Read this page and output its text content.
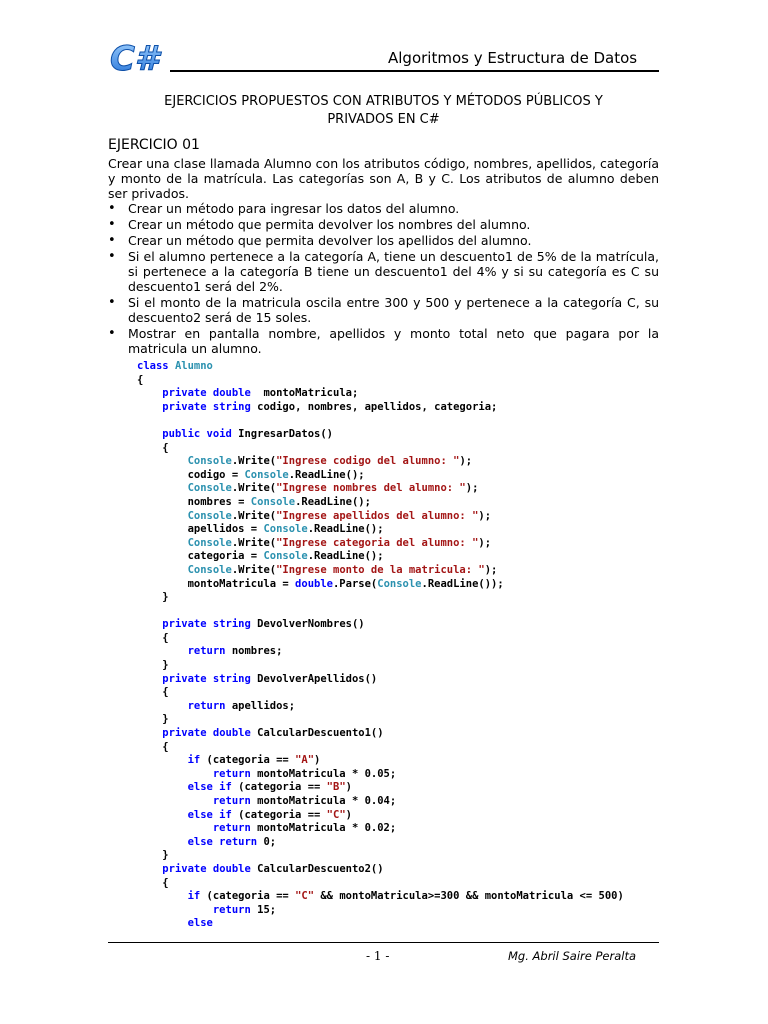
C#	Algoritmos y Estructura de Datos
EJERCICIOS PROPUESTOS CON ATRIBUTOS Y MÉTODOS PÚBLICOS Y
PRIVADOS EN C#
EJERCICIO 01
Crear una clase llamada Alumno con los atributos código, nombres, apellidos, categoría y monto de la matrícula. Las categorías son A, B y C. Los atributos de alumno deben ser privados.
• Crear un método para ingresar los datos del alumno.
• Crear un método que permita devolver los nombres del alumno.
• Crear un método que permita devolver los apellidos del alumno.
• Si el alumno pertenece a la categoría A, tiene un descuento1 de 5% de la matrícula, si pertenece a la categoría B tiene un descuento1 del 4% y si su categoría es C su descuento1 será del 2%.
• Si el monto de la matricula oscila entre 300 y 500 y pertenece a la categoría C, su descuento2 será de 15 soles.
• Mostrar en pantalla nombre, apellidos y monto total neto que pagara por la matricula un alumno.
class Alumno
{
private double  montoMatricula;
private string codigo, nombres, apellidos, categoria;
public void IngresarDatos()
{
Console.Write("Ingrese codigo del alumno: ");
codigo = Console.ReadLine();
Console.Write("Ingrese nombres del alumno: ");
nombres = Console.ReadLine();
Console.Write("Ingrese apellidos del alumno: ");
apellidos = Console.ReadLine();
Console.Write("Ingrese categoria del alumno: ");
categoria = Console.ReadLine();
Console.Write("Ingrese monto de la matricula: ");
montoMatricula = double.Parse(Console.ReadLine());
}
private string DevolverNombres()
{
return nombres;
}
private string DevolverApellidos()
{
return apellidos;
}
private double CalcularDescuento1()
{
if (categoria == "A")
return montoMatricula * 0.05;
else if (categoria == "B")
return montoMatricula * 0.04;
else if (categoria == "C")
return montoMatricula * 0.02;
else return 0;
}
private double CalcularDescuento2()
{
if (categoria == "C" && montoMatricula>=300 && montoMatricula <= 500)
return 15;
else
- 1 -	Mg. Abril Saire Peralta
